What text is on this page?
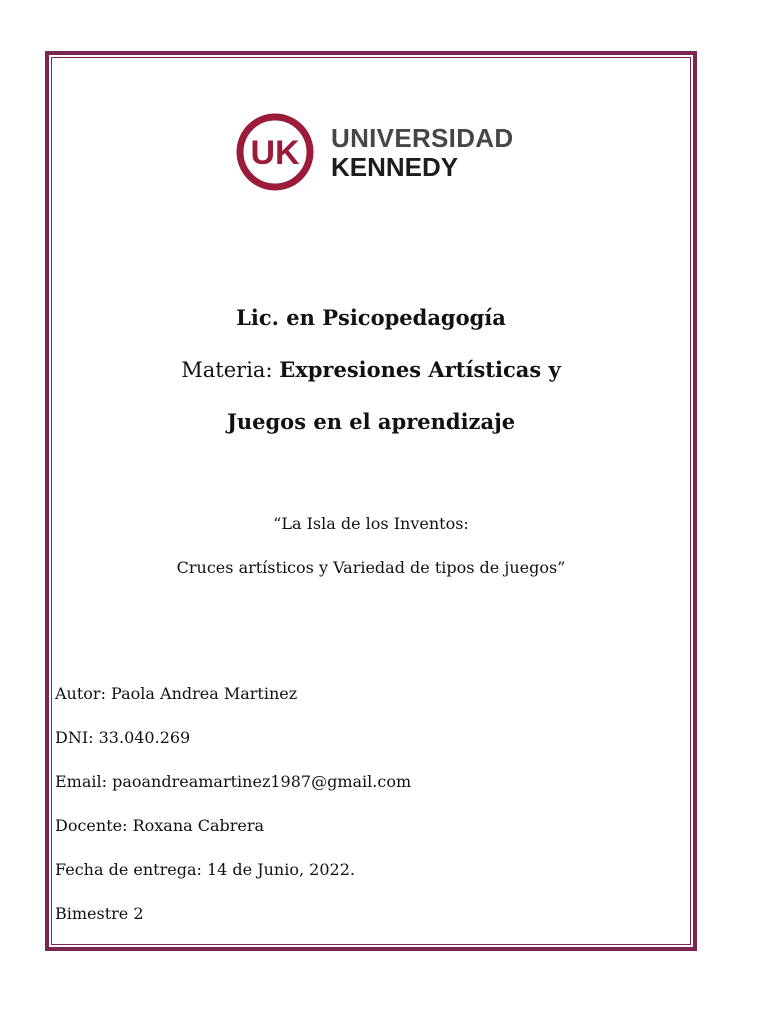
UK UNIVERSIDAD
KENNEDY
Lic. en Psicopedagogía
Materia: Expresiones Artísticas y
Juegos en el aprendizaje
“La Isla de los Inventos:
Cruces artísticos y Variedad de tipos de juegos”
Autor: Paola Andrea Martinez
DNI: 33.040.269
Email: paoandreamartinez1987@gmail.com
Docente: Roxana Cabrera
Fecha de entrega: 14 de Junio, 2022.
Bimestre 2
